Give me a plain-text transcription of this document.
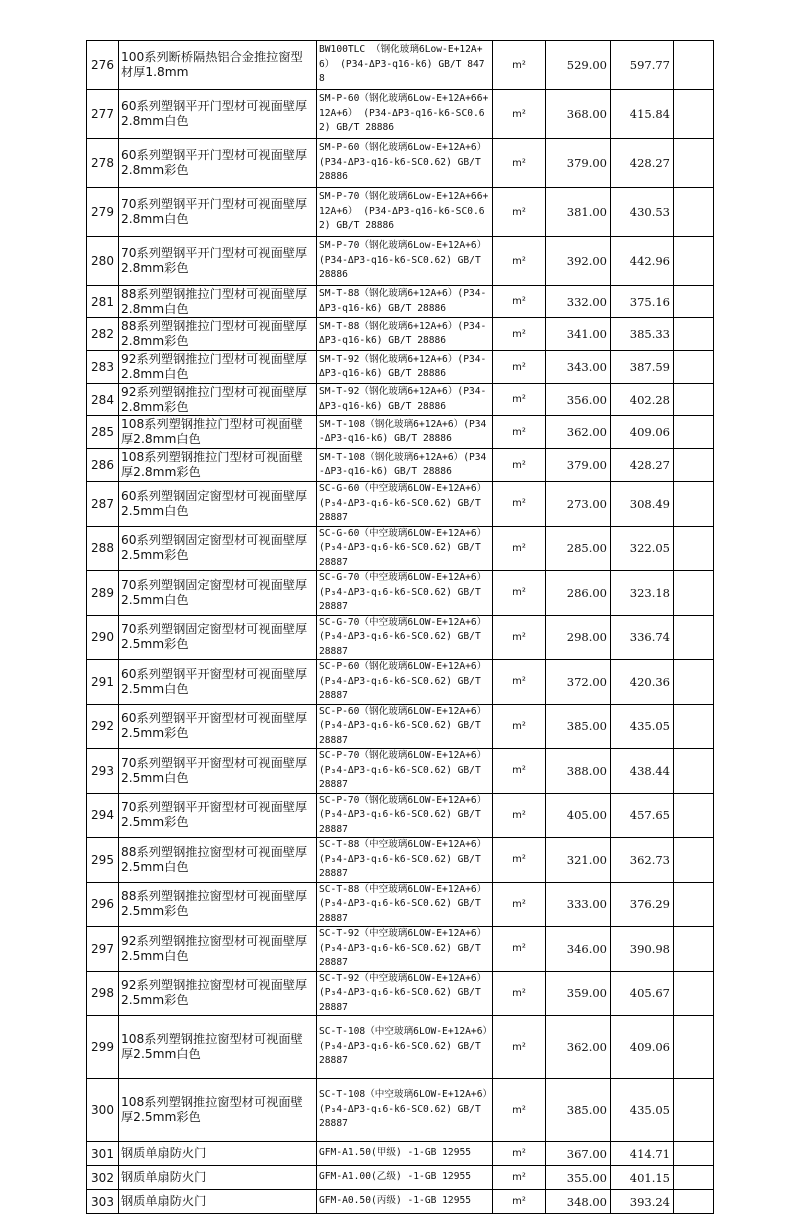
276	100系列断桥隔热铝合金推拉窗型材厚1.8mm	BW100TLC （钢化玻璃6Low-E+12A+6） (P34-ΔP3-q16-k6) GB/T 8478	m²	529.00	597.77	
277	60系列塑钢平开门型材可视面壁厚2.8mm白色	SM-P-60（钢化玻璃6Low-E+12A+66+12A+6） (P34-ΔP3-q16-k6-SC0.62) GB/T 28886	m²	368.00	415.84	
278	60系列塑钢平开门型材可视面壁厚2.8mm彩色	SM-P-60（钢化玻璃6Low-E+12A+6）(P34-ΔP3-q16-k6-SC0.62) GB/T 28886	m²	379.00	428.27	
279	70系列塑钢平开门型材可视面壁厚2.8mm白色	SM-P-70（钢化玻璃6Low-E+12A+66+12A+6） (P34-ΔP3-q16-k6-SC0.62) GB/T 28886	m²	381.00	430.53	
280	70系列塑钢平开门型材可视面壁厚2.8mm彩色	SM-P-70（钢化玻璃6Low-E+12A+6）(P34-ΔP3-q16-k6-SC0.62) GB/T 28886	m²	392.00	442.96	
281	88系列塑钢推拉门型材可视面壁厚2.8mm白色	SM-T-88（钢化玻璃6+12A+6）(P34-ΔP3-q16-k6) GB/T 28886	m²	332.00	375.16	
282	88系列塑钢推拉门型材可视面壁厚2.8mm彩色	SM-T-88（钢化玻璃6+12A+6）(P34-ΔP3-q16-k6) GB/T 28886	m²	341.00	385.33	
283	92系列塑钢推拉门型材可视面壁厚2.8mm白色	SM-T-92（钢化玻璃6+12A+6）(P34-ΔP3-q16-k6) GB/T 28886	m²	343.00	387.59	
284	92系列塑钢推拉门型材可视面壁厚2.8mm彩色	SM-T-92（钢化玻璃6+12A+6）(P34-ΔP3-q16-k6) GB/T 28886	m²	356.00	402.28	
285	108系列塑钢推拉门型材可视面壁厚2.8mm白色	SM-T-108（钢化玻璃6+12A+6）(P34-ΔP3-q16-k6) GB/T 28886	m²	362.00	409.06	
286	108系列塑钢推拉门型材可视面壁厚2.8mm彩色	SM-T-108（钢化玻璃6+12A+6）(P34-ΔP3-q16-k6) GB/T 28886	m²	379.00	428.27	
287	60系列塑钢固定窗型材可视面壁厚2.5mm白色	SC-G-60（中空玻璃6LOW-E+12A+6）(P₃4-ΔP3-q₁6-k6-SC0.62) GB/T 28887	m²	273.00	308.49	
288	60系列塑钢固定窗型材可视面壁厚2.5mm彩色	SC-G-60（中空玻璃6LOW-E+12A+6）(P₃4-ΔP3-q₁6-k6-SC0.62) GB/T 28887	m²	285.00	322.05	
289	70系列塑钢固定窗型材可视面壁厚2.5mm白色	SC-G-70（中空玻璃6LOW-E+12A+6）(P₃4-ΔP3-q₁6-k6-SC0.62) GB/T 28887	m²	286.00	323.18	
290	70系列塑钢固定窗型材可视面壁厚2.5mm彩色	SC-G-70（中空玻璃6LOW-E+12A+6）(P₃4-ΔP3-q₁6-k6-SC0.62) GB/T 28887	m²	298.00	336.74	
291	60系列塑钢平开窗型材可视面壁厚2.5mm白色	SC-P-60（钢化玻璃6LOW-E+12A+6） (P₃4-ΔP3-q₁6-k6-SC0.62) GB/T 28887	m²	372.00	420.36	
292	60系列塑钢平开窗型材可视面壁厚2.5mm彩色	SC-P-60（钢化玻璃6LOW-E+12A+6） (P₃4-ΔP3-q₁6-k6-SC0.62) GB/T 28887	m²	385.00	435.05	
293	70系列塑钢平开窗型材可视面壁厚2.5mm白色	SC-P-70（钢化玻璃6LOW-E+12A+6） (P₃4-ΔP3-q₁6-k6-SC0.62) GB/T 28887	m²	388.00	438.44	
294	70系列塑钢平开窗型材可视面壁厚2.5mm彩色	SC-P-70（钢化玻璃6LOW-E+12A+6） (P₃4-ΔP3-q₁6-k6-SC0.62) GB/T 28887	m²	405.00	457.65	
295	88系列塑钢推拉窗型材可视面壁厚2.5mm白色	SC-T-88（中空玻璃6LOW-E+12A+6）(P₃4-ΔP3-q₁6-k6-SC0.62) GB/T 28887	m²	321.00	362.73	
296	88系列塑钢推拉窗型材可视面壁厚2.5mm彩色	SC-T-88（中空玻璃6LOW-E+12A+6）(P₃4-ΔP3-q₁6-k6-SC0.62) GB/T 28887	m²	333.00	376.29	
297	92系列塑钢推拉窗型材可视面壁厚2.5mm白色	SC-T-92（中空玻璃6LOW-E+12A+6）(P₃4-ΔP3-q₁6-k6-SC0.62) GB/T 28887	m²	346.00	390.98	
298	92系列塑钢推拉窗型材可视面壁厚2.5mm彩色	SC-T-92（中空玻璃6LOW-E+12A+6）(P₃4-ΔP3-q₁6-k6-SC0.62) GB/T 28887	m²	359.00	405.67	
299	108系列塑钢推拉窗型材可视面壁厚2.5mm白色	SC-T-108（中空玻璃6LOW-E+12A+6）(P₃4-ΔP3-q₁6-k6-SC0.62) GB/T 28887	m²	362.00	409.06	
300	108系列塑钢推拉窗型材可视面壁厚2.5mm彩色	SC-T-108（中空玻璃6LOW-E+12A+6）(P₃4-ΔP3-q₁6-k6-SC0.62) GB/T 28887	m²	385.00	435.05	
301	钢质单扇防火门	GFM-A1.50(甲级) -1-GB 12955	m²	367.00	414.71	
302	钢质单扇防火门	GFM-A1.00(乙级) -1-GB 12955	m²	355.00	401.15	
303	钢质单扇防火门	GFM-A0.50(丙级) -1-GB 12955	m²	348.00	393.24	
